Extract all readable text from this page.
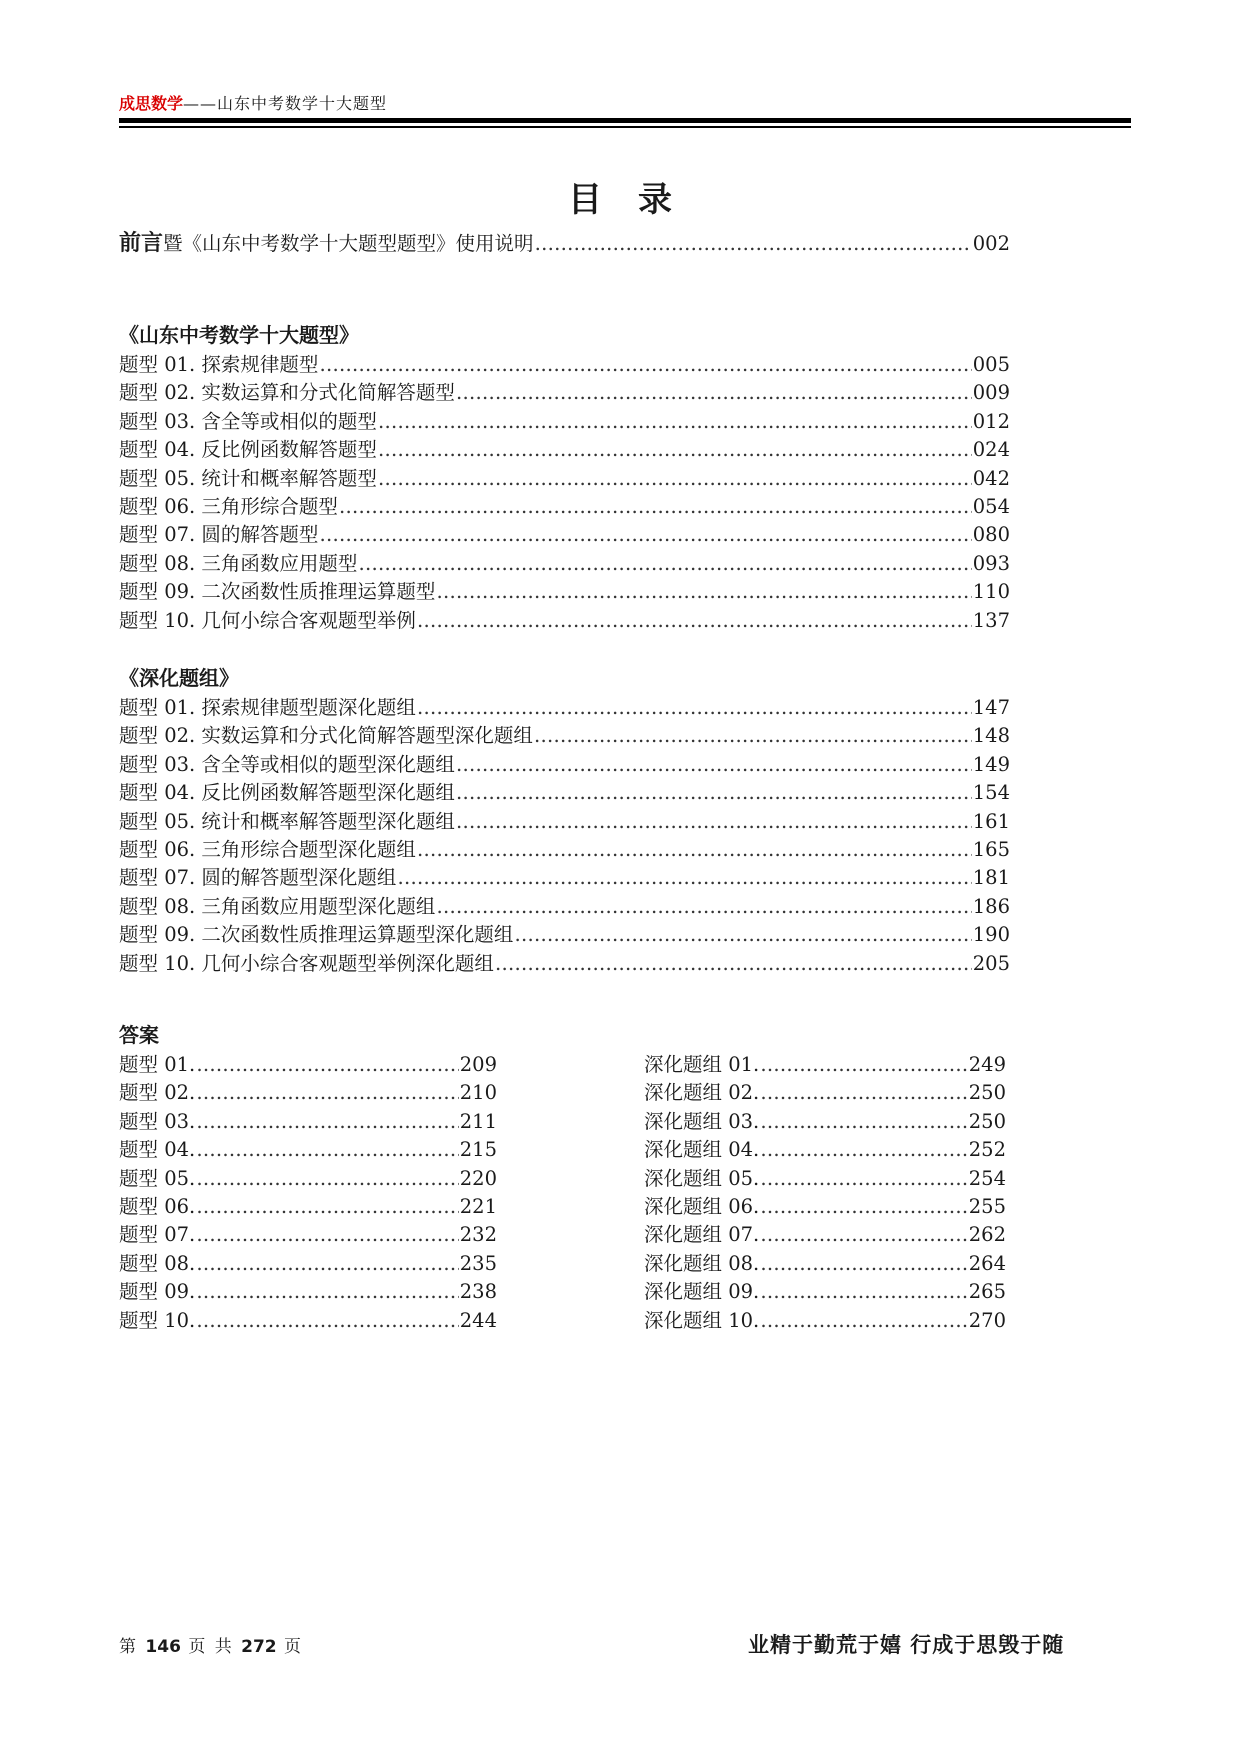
成思数学——山东中考数学十大题型
目录
前言暨《山东中考数学十大题型题型》使用说明 …………………………………………………………………………………………………………………………………………………………………………………………	002
《山东中考数学十大题型》
题型 01. 探索规律题型 …………………………………………………………………………………………………………………………………………………………………………………………	005
题型 02. 实数运算和分式化简解答题型 …………………………………………………………………………………………………………………………………………………………………………………………	009
题型 03. 含全等或相似的题型 …………………………………………………………………………………………………………………………………………………………………………………………	012
题型 04. 反比例函数解答题型 …………………………………………………………………………………………………………………………………………………………………………………………	024
题型 05. 统计和概率解答题型 …………………………………………………………………………………………………………………………………………………………………………………………	042
题型 06. 三角形综合题型 …………………………………………………………………………………………………………………………………………………………………………………………	054
题型 07. 圆的解答题型 …………………………………………………………………………………………………………………………………………………………………………………………	080
题型 08. 三角函数应用题型 …………………………………………………………………………………………………………………………………………………………………………………………	093
题型 09. 二次函数性质推理运算题型 …………………………………………………………………………………………………………………………………………………………………………………………	110
题型 10. 几何小综合客观题型举例 …………………………………………………………………………………………………………………………………………………………………………………………	137
《深化题组》
题型 01. 探索规律题型题深化题组 …………………………………………………………………………………………………………………………………………………………………………………………	147
题型 02. 实数运算和分式化简解答题型深化题组 …………………………………………………………………………………………………………………………………………………………………………………………	148
题型 03. 含全等或相似的题型深化题组 …………………………………………………………………………………………………………………………………………………………………………………………	149
题型 04. 反比例函数解答题型深化题组 …………………………………………………………………………………………………………………………………………………………………………………………	154
题型 05. 统计和概率解答题型深化题组 …………………………………………………………………………………………………………………………………………………………………………………………	161
题型 06. 三角形综合题型深化题组 …………………………………………………………………………………………………………………………………………………………………………………………	165
题型 07. 圆的解答题型深化题组 …………………………………………………………………………………………………………………………………………………………………………………………	181
题型 08. 三角函数应用题型深化题组 …………………………………………………………………………………………………………………………………………………………………………………………	186
题型 09. 二次函数性质推理运算题型深化题组 …………………………………………………………………………………………………………………………………………………………………………………………	190
题型 10. 几何小综合客观题型举例深化题组 …………………………………………………………………………………………………………………………………………………………………………………………	205
答案
题型 01. …………………………………………………………………………………………………………………………………………………………………………………………	209
题型 02. …………………………………………………………………………………………………………………………………………………………………………………………	210
题型 03. …………………………………………………………………………………………………………………………………………………………………………………………	211
题型 04. …………………………………………………………………………………………………………………………………………………………………………………………	215
题型 05. …………………………………………………………………………………………………………………………………………………………………………………………	220
题型 06. …………………………………………………………………………………………………………………………………………………………………………………………	221
题型 07. …………………………………………………………………………………………………………………………………………………………………………………………	232
题型 08. …………………………………………………………………………………………………………………………………………………………………………………………	235
题型 09. …………………………………………………………………………………………………………………………………………………………………………………………	238
题型 10. …………………………………………………………………………………………………………………………………………………………………………………………	244
深化题组 01. …………………………………………………………………………………………………………………………………………………………………………………………	249
深化题组 02. …………………………………………………………………………………………………………………………………………………………………………………………	250
深化题组 03. …………………………………………………………………………………………………………………………………………………………………………………………	250
深化题组 04. …………………………………………………………………………………………………………………………………………………………………………………………	252
深化题组 05. …………………………………………………………………………………………………………………………………………………………………………………………	254
深化题组 06. …………………………………………………………………………………………………………………………………………………………………………………………	255
深化题组 07. …………………………………………………………………………………………………………………………………………………………………………………………	262
深化题组 08. …………………………………………………………………………………………………………………………………………………………………………………………	264
深化题组 09. …………………………………………………………………………………………………………………………………………………………………………………………	265
深化题组 10. …………………………………………………………………………………………………………………………………………………………………………………………	270
第 146 页 共 272 页	业精于勤荒于嬉 行成于思毁于随
